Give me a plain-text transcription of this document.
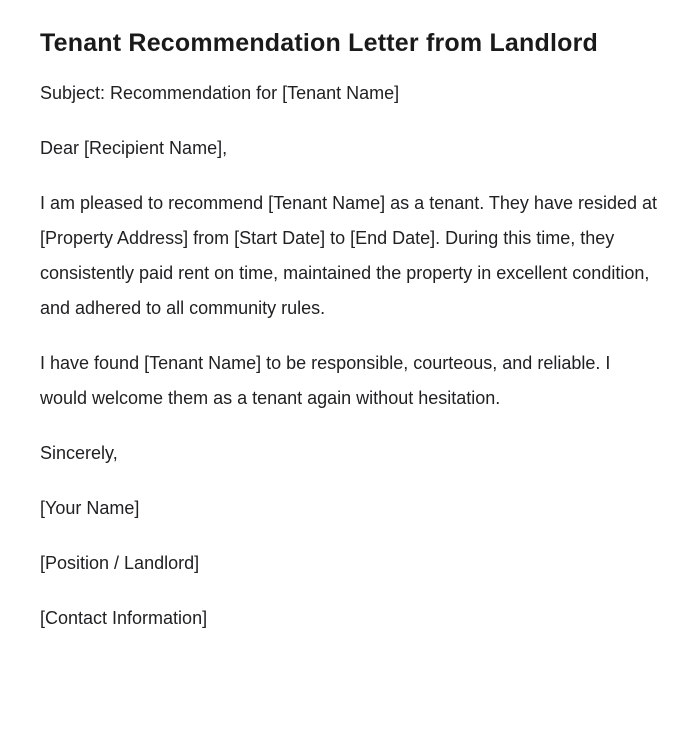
Tenant Recommendation Letter from Landlord

Subject: Recommendation for [Tenant Name]

Dear [Recipient Name],

I am pleased to recommend [Tenant Name] as a tenant. They have resided at [Property Address] from [Start Date] to [End Date]. During this time, they consistently paid rent on time, maintained the property in excellent condition, and adhered to all community rules.

I have found [Tenant Name] to be responsible, courteous, and reliable. I would welcome them as a tenant again without hesitation.

Sincerely,

[Your Name]

[Position / Landlord]

[Contact Information]
